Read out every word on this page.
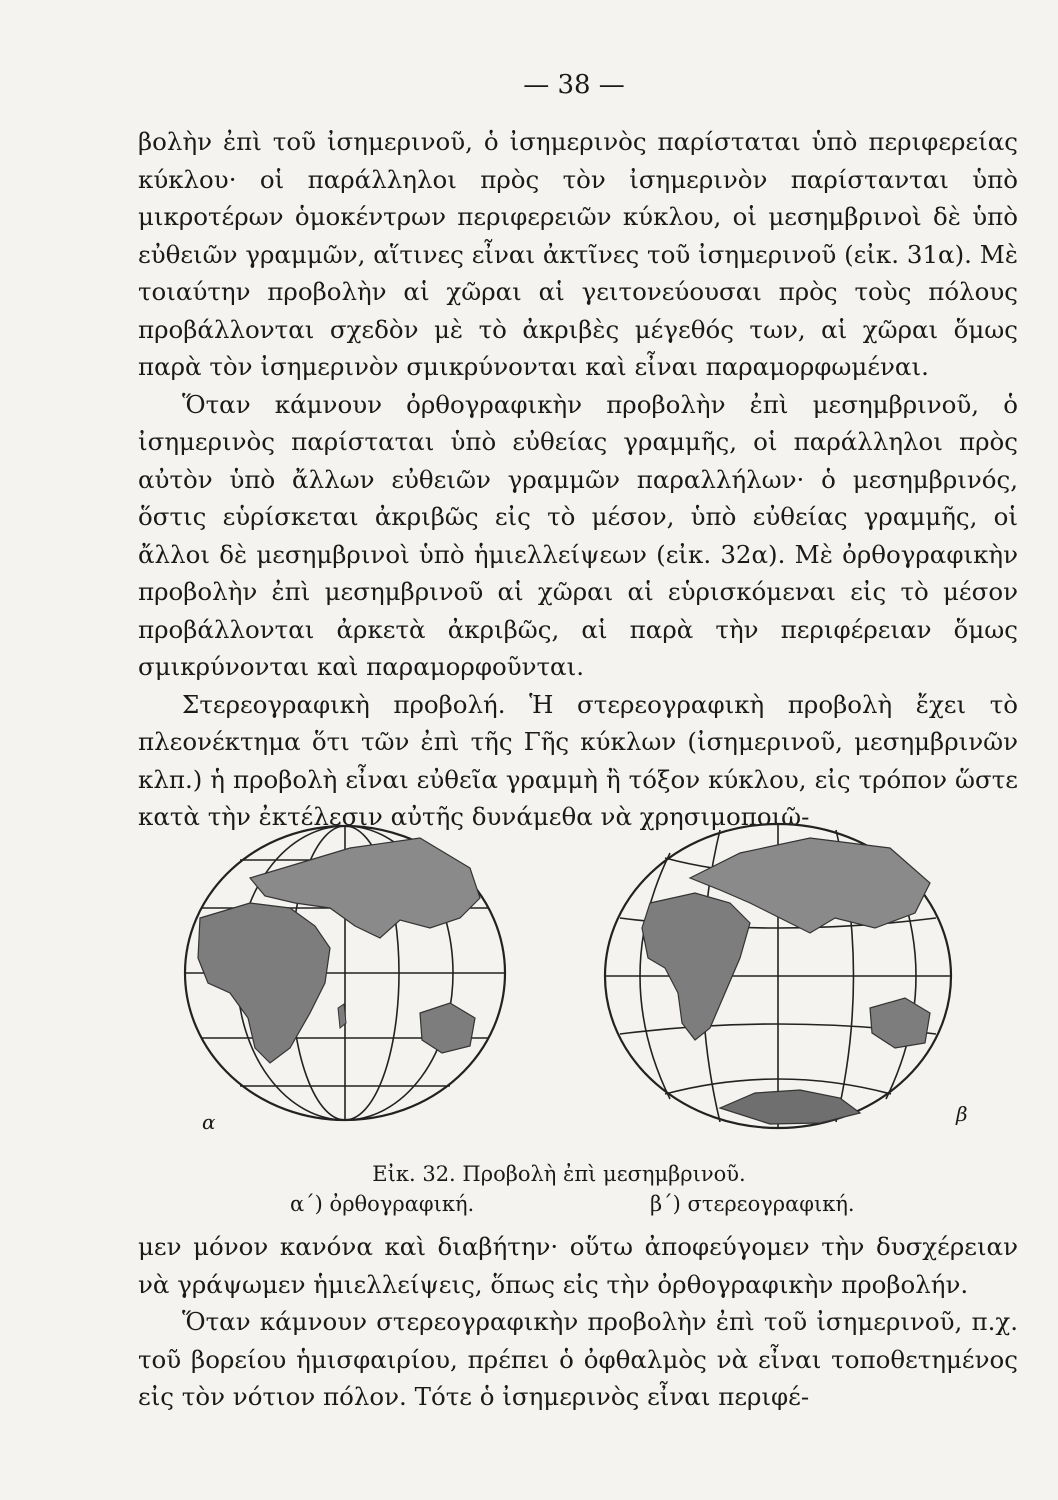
— 38 —

βολὴν ἐπὶ τοῦ ἰσημερινοῦ, ὁ ἰσημερινὸς παρίσταται ὑπὸ περιφερείας κύκλου· οἱ παράλληλοι πρὸς τὸν ἰσημερινὸν παρίστανται ὑπὸ μικροτέρων ὁμοκέντρων περιφερειῶν κύκλου, οἱ μεσημβρινοὶ δὲ ὑπὸ εὐθειῶν γραμμῶν, αἵτινες εἶναι ἀκτῖνες τοῦ ἰσημερινοῦ (εἰκ. 31α). Μὲ τοιαύτην προβολὴν αἱ χῶραι αἱ γειτονεύουσαι πρὸς τοὺς πόλους προβάλλονται σχεδὸν μὲ τὸ ἀκριβὲς μέγεθός των, αἱ χῶραι ὅμως παρὰ τὸν ἰσημερινὸν σμικρύνονται καὶ εἶναι παραμορφωμέναι.

Ὅταν κάμνουν ὀρθογραφικὴν προβολὴν ἐπὶ μεσημβρινοῦ, ὁ ἰσημερινὸς παρίσταται ὑπὸ εὐθείας γραμμῆς, οἱ παράλληλοι πρὸς αὐτὸν ὑπὸ ἄλλων εὐθειῶν γραμμῶν παραλλήλων· ὁ μεσημβρινός, ὅστις εὑρίσκεται ἀκριβῶς εἰς τὸ μέσον, ὑπὸ εὐθείας γραμμῆς, οἱ ἄλλοι δὲ μεσημβρινοὶ ὑπὸ ἡμιελλείψεων (εἰκ. 32α). Μὲ ὀρθογραφικὴν προβολὴν ἐπὶ μεσημβρινοῦ αἱ χῶραι αἱ εὑρισκόμεναι εἰς τὸ μέσον προβάλλονται ἀρκετὰ ἀκριβῶς, αἱ παρὰ τὴν περιφέρειαν ὅμως σμικρύνονται καὶ παραμορφοῦνται.

Στερεογραφικὴ προβολή. Ἡ στερεογραφικὴ προβολὴ ἔχει τὸ πλεονέκτημα ὅτι τῶν ἐπὶ τῆς Γῆς κύκλων (ἰσημερινοῦ, μεσημβρινῶν κλπ.) ἡ προβολὴ εἶναι εὐθεῖα γραμμὴ ἢ τόξον κύκλου, εἰς τρόπον ὥστε κατὰ τὴν ἐκτέλεσιν αὐτῆς δυνάμεθα νὰ χρησιμοποιῶ-

α	β
Εἰκ. 32. Προβολὴ ἐπὶ μεσημβρινοῦ.
α΄) ὀρθογραφική.	β΄) στερεογραφική.

μεν μόνον κανόνα καὶ διαβήτην· οὕτω ἀποφεύγομεν τὴν δυσχέρειαν νὰ γράψωμεν ἡμιελλείψεις, ὅπως εἰς τὴν ὀρθογραφικὴν προβολήν.

Ὅταν κάμνουν στερεογραφικὴν προβολὴν ἐπὶ τοῦ ἰσημερινοῦ, π.χ. τοῦ βορείου ἡμισφαιρίου, πρέπει ὁ ὀφθαλμὸς νὰ εἶναι τοποθετημένος εἰς τὸν νότιον πόλον. Τότε ὁ ἰσημερινὸς εἶναι περιφέ-
